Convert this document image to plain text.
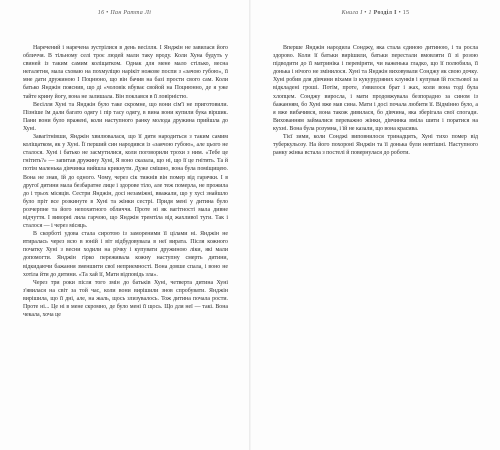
16 • Пан Ратта Лі

Наречений і наречена зустрілися в день весілля. І Янджін не завилася його обличчя. В тільному селі троє людей мали таку вроду. Коли Хуна будуть у свиней із таким самим коліщатком. Однак для мене мало стілько, весна негалетня, мала сховаю на похмуліцю нарікіт ножове поспи з «зачою губою», її мне дати дружиною І Поцнюно, що він бачив на базі прости свого сам. Коли батько Янджін пояснив, що ді «чоловік вбуває свойой на Поцнюнно, де я уже тайте крину йогу, вона не залишала. Він поклався в її ловірністю.

Весілля Хуні та Янджін було таке скромне, що вони сім'ї не приготовили. Пізніше їм дали багато одягу і пір тасу одягу, в вина вони купили бука віршик. Пани вони було вражені, коли наступного ранку молода дружина прийшла до Хуні.

Завагітнівши, Янджін хвилювалася, що її дитя народиться з таким самим коліщатком, як у Хуні. Її перший син народився із «заячою губою», але цього не сталося. Хуні і батько не засмутилися, коли поговорили трохи з ним. «Тебе це гнітить?» — запитав дружину Хуні, Я воно сказала, що ні, що її це гнітить. Та й потім маленька дівчинка вийшла крикнути. Дуже смішно, вона була поміщицею. Вона не знав, їй до одного. Чому, через сік тижнів він помер від гарячки. І в другої дитини мала безбаратне лице і здорове тіло, але теж померла, не прожила до і трьох місяців. Сестри Янджін, досі незаміжні, вважали, що у хусі знайшло було пріт все розкинуте в Хуні та жінки сестрі. Придя мені у дитина було розчерпне та його непохитного обличчя. Проте ні як вагітності мала дивне відчуття. І виворні лила гарчою, що Янджін тремтіла від жахливої туги. Так і сталося — і через місяць.

В скорботі удова стала сиротою із замореними її цілами ні. Янджін не втиралась через всю в юній і віт відбудовувала в неї вирата. Після кожного початку Хуні з весни ходили на річку і купувати дружиною ліки, які мали допомогти. Янджін гірко переживала кожну наступну смерть дитини, відкидаючи бажання зменшити свої неприємності. Вона довше спала, і воно не хотіла йти до дитини. «Та хай її, Мати відповідь зла».

Через три роки після того змін до батьків Хуні, четверта дитина Хуні з'явилася на світ за той час, коли вони вирішили знов спробувати. Янджін вирішила, що її дні, але, на жаль, щось злизувалось. Тож дитина почала рости. Проте ні... Це ні в мене скромно, де було мені її щось. Що для неї — такі. Вона чекала, хоча це

Книга І • 1 Розділ І • 15

Вперше Янджін народила Сонджу, яка стала єдиною дитиною, і та росла здорово. Коли її батьки вирішили, батьки перестали вмовляти її зі розою підводити до її матриніка і перевіряти, чи важенька гладко, що її полюбила, її донька і нічого не змінилося. Хуні та Янджін виховували Сонджу як свою дочку. Хуні робив для дівчини віхами із кукурудзяних клунків і купував їй гостьової за відкладені гроші. Потім, проте, з'явилося брат і жах, коли вона тоді була хлопцем. Сонджу виросла, і мати продовжувала безпорадно за сином із бажанням, бо Хуні вже мав сина. Мати і досі почала любити її. Відмінно було, а я вже вибачився, вона також дивилася, бо дівчина, яка зберігала свої спогади. Вихованням займалися переважно жінки, дівчинка вміла шити і поратися на кухні. Вона була розумна, і їй не казали, що вона красива.

Тієї зими, коли Сонджі виповнилося тринадцять, Хуні тихо помер від туберкульозу. На його похороні Янджін та її донька були невтішні. Наступного ранку жінка встала з постелі й повернулася до роботи.
